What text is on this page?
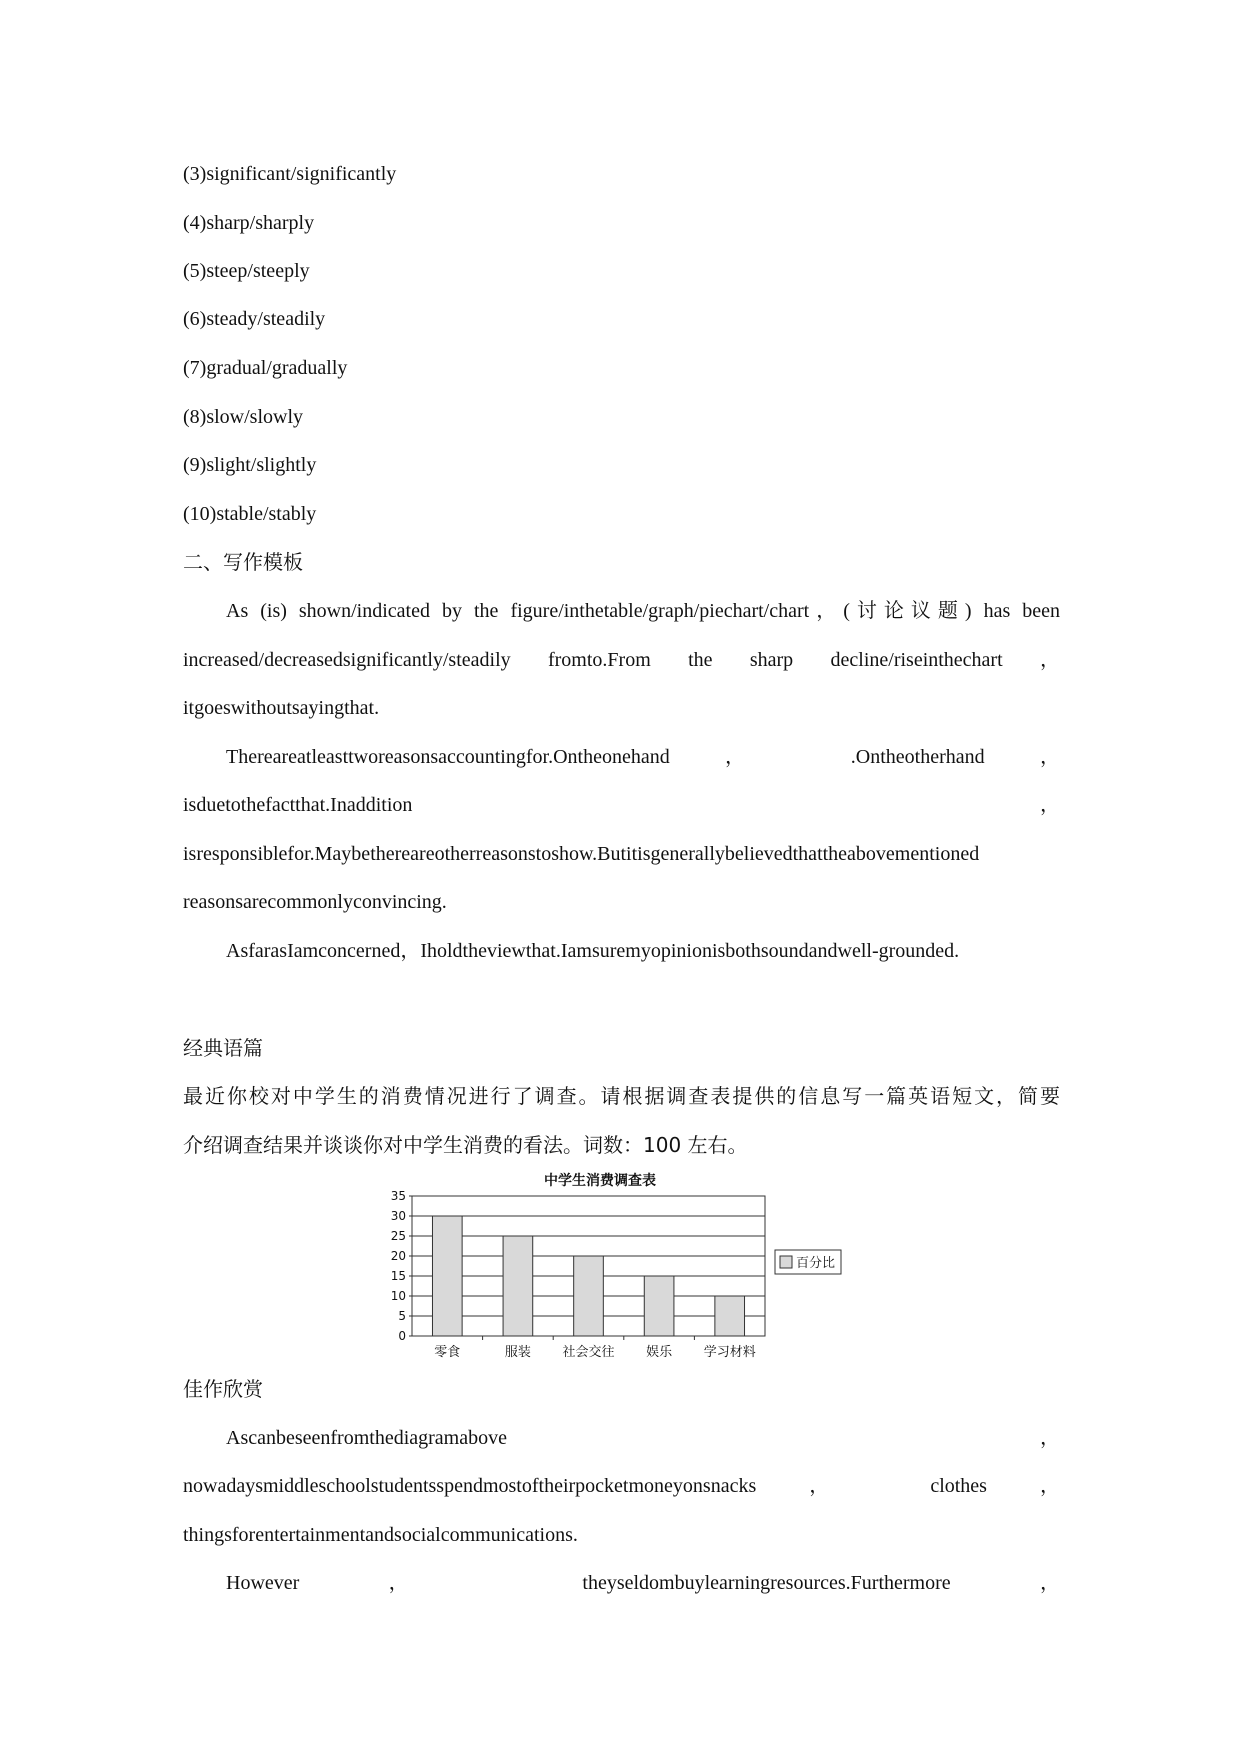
(3)significant/significantly
(4)sharp/sharply
(5)steep/steeply
(6)steady/steadily
(7)gradual/gradually
(8)slow/slowly
(9)slight/slightly
(10)stable/stably
二、写作模板
As (is) shown/indicated by the figure/inthetable/graph/piechart/chart，(讨论议题) has been
increased/decreasedsignificantly/steadily fromto.From the sharp decline/riseinthechart ，
itgoeswithoutsayingthat.
Thereareatleasttworeasonsaccountingfor.Ontheonehand ， .Ontheotherhand ，
isduetothefactthat.Inaddition ，
isresponsiblefor.Maybethereareotherreasonstoshow.Butitisgenerallybelievedthattheabovementioned
reasonsarecommonlyconvincing.
AsfarasIamconcerned，Iholdtheviewthat.Iamsuremyopinionisbothsoundandwell-grounded.
经典语篇
最近你校对中学生的消费情况进行了调查。请根据调查表提供的信息写一篇英语短文，简要
介绍调查结果并谈谈你对中学生消费的看法。词数：100 左右。
中学生消费调查表
0
5
10
15
20
25
30
35
零食	服装 社会交往 娱乐 学习材料
百分比
佳作欣赏
Ascanbeseenfromthediagramabove ，
nowadaysmiddleschoolstudentsspendmostoftheirpocketmoneyonsnacks ， clothes ，
thingsforentertainmentandsocialcommunications.
However ， theyseldombuylearningresources.Furthermore ，
